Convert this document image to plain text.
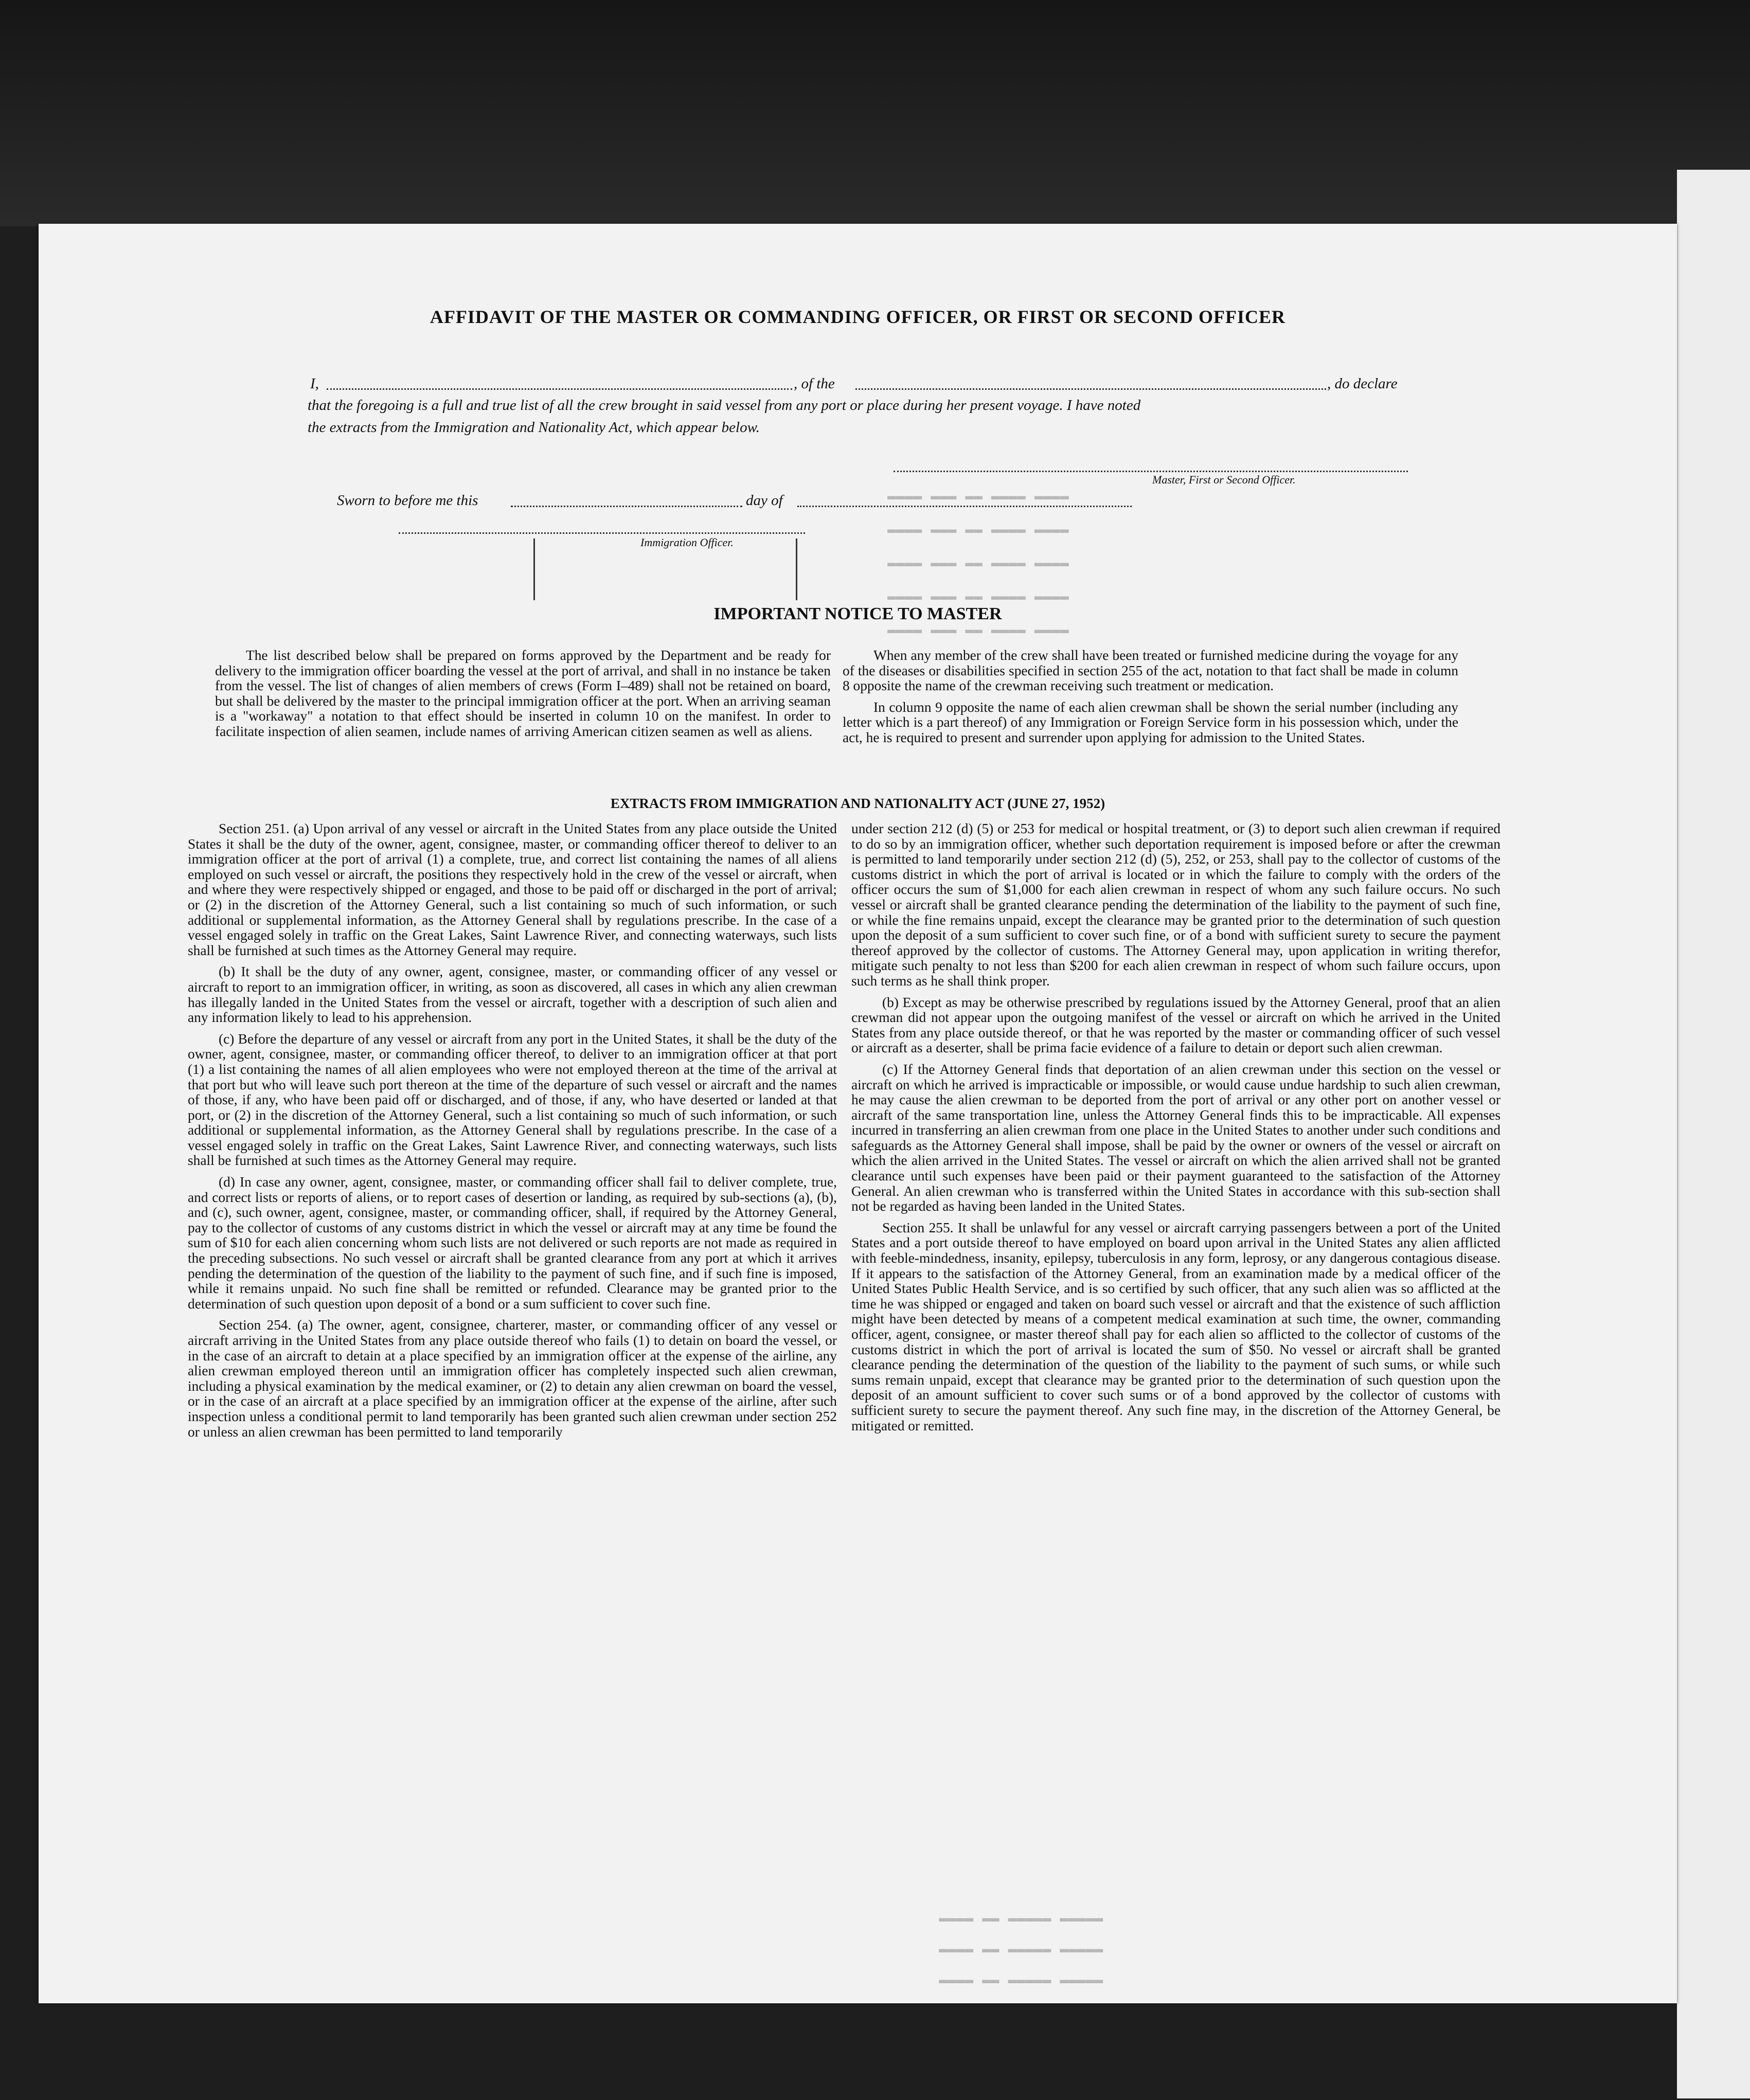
▬▬▬▬ ▬▬▬▬ ▬▬ ▬▬▬ ▬▬▬▬
▬▬▬▬ ▬▬▬▬ ▬▬ ▬▬▬ ▬▬▬▬
▬▬▬▬ ▬▬▬▬ ▬▬ ▬▬▬ ▬▬▬▬
▬▬▬▬ ▬▬▬▬ ▬▬ ▬▬▬ ▬▬▬▬
▬▬▬▬ ▬▬▬▬ ▬▬ ▬▬▬ ▬▬▬▬
▬▬▬▬▬ ▬▬▬▬▬ ▬▬ ▬▬▬▬
▬▬▬▬▬ ▬▬▬▬▬ ▬▬ ▬▬▬▬
▬▬▬▬▬ ▬▬▬▬▬ ▬▬ ▬▬▬▬
AFFIDAVIT OF THE MASTER OR COMMANDING OFFICER, OR FIRST OR SECOND OFFICER
I,	, of the	, do declare
that the foregoing is a full and true list of all the crew brought in said vessel from any port or place during her present voyage. I have noted
the extracts from the Immigration and Nationality Act, which appear below.
Master, First or Second Officer.
Sworn to before me this	day of
Immigration Officer.
IMPORTANT NOTICE TO MASTER

The list described below shall be prepared on forms approved by the Department and be ready for delivery to the immigration officer boarding the vessel at the port of arrival, and shall in no instance be taken from the vessel. The list of changes of alien members of crews (Form I–489) shall not be retained on board, but shall be delivered by the master to the principal immigration officer at the port. When an arriving seaman is a "workaway" a notation to that effect should be inserted in column 10 on the manifest. In order to facilitate inspection of alien seamen, include names of arriving American citizen seamen as well as aliens.

When any member of the crew shall have been treated or furnished medicine during the voyage for any of the diseases or disabilities specified in section 255 of the act, notation to that fact shall be made in column 8 opposite the name of the crewman receiving such treatment or medication.

In column 9 opposite the name of each alien crewman shall be shown the serial number (including any letter which is a part thereof) of any Immigration or Foreign Service form in his possession which, under the act, he is required to present and surrender upon applying for admission to the United States.

EXTRACTS FROM IMMIGRATION AND NATIONALITY ACT (JUNE 27, 1952)

Section 251. (a) Upon arrival of any vessel or aircraft in the United States from any place outside the United States it shall be the duty of the owner, agent, consignee, master, or commanding officer thereof to deliver to an immigration officer at the port of arrival (1) a complete, true, and correct list containing the names of all aliens employed on such vessel or aircraft, the positions they respectively hold in the crew of the vessel or aircraft, when and where they were respectively shipped or engaged, and those to be paid off or discharged in the port of arrival; or (2) in the discretion of the Attorney General, such a list containing so much of such information, or such additional or supplemental information, as the Attorney General shall by regulations prescribe. In the case of a vessel engaged solely in traffic on the Great Lakes, Saint Lawrence River, and connecting waterways, such lists shall be furnished at such times as the Attorney General may require.

(b) It shall be the duty of any owner, agent, consignee, master, or commanding officer of any vessel or aircraft to report to an immigration officer, in writing, as soon as discovered, all cases in which any alien crewman has illegally landed in the United States from the vessel or aircraft, together with a description of such alien and any information likely to lead to his apprehension.

(c) Before the departure of any vessel or aircraft from any port in the United States, it shall be the duty of the owner, agent, consignee, master, or commanding officer thereof, to deliver to an immigration officer at that port (1) a list containing the names of all alien employees who were not employed thereon at the time of the arrival at that port but who will leave such port thereon at the time of the departure of such vessel or aircraft and the names of those, if any, who have been paid off or discharged, and of those, if any, who have deserted or landed at that port, or (2) in the discretion of the Attorney General, such a list containing so much of such information, or such additional or supplemental information, as the Attorney General shall by regulations prescribe. In the case of a vessel engaged solely in traffic on the Great Lakes, Saint Lawrence River, and connecting waterways, such lists shall be furnished at such times as the Attorney General may require.

(d) In case any owner, agent, consignee, master, or commanding officer shall fail to deliver complete, true, and correct lists or reports of aliens, or to report cases of desertion or landing, as required by sub-sections (a), (b), and (c), such owner, agent, consignee, master, or commanding officer, shall, if required by the Attorney General, pay to the collector of customs of any customs district in which the vessel or aircraft may at any time be found the sum of $10 for each alien concerning whom such lists are not delivered or such reports are not made as required in the preceding subsections. No such vessel or aircraft shall be granted clearance from any port at which it arrives pending the determination of the question of the liability to the payment of such fine, and if such fine is imposed, while it remains unpaid. No such fine shall be remitted or refunded. Clearance may be granted prior to the determination of such question upon deposit of a bond or a sum sufficient to cover such fine.

Section 254. (a) The owner, agent, consignee, charterer, master, or commanding officer of any vessel or aircraft arriving in the United States from any place outside thereof who fails (1) to detain on board the vessel, or in the case of an aircraft to detain at a place specified by an immigration officer at the expense of the airline, any alien crewman employed thereon until an immigration officer has completely inspected such alien crewman, including a physical examination by the medical examiner, or (2) to detain any alien crewman on board the vessel, or in the case of an aircraft at a place specified by an immigration officer at the expense of the airline, after such inspection unless a conditional permit to land temporarily has been granted such alien crewman under section 252 or unless an alien crewman has been permitted to land temporarily

under section 212 (d) (5) or 253 for medical or hospital treatment, or (3) to deport such alien crewman if required to do so by an immigration officer, whether such deportation requirement is imposed before or after the crewman is permitted to land temporarily under section 212 (d) (5), 252, or 253, shall pay to the collector of customs of the customs district in which the port of arrival is located or in which the failure to comply with the orders of the officer occurs the sum of $1,000 for each alien crewman in respect of whom any such failure occurs. No such vessel or aircraft shall be granted clearance pending the determination of the liability to the payment of such fine, or while the fine remains unpaid, except the clearance may be granted prior to the determination of such question upon the deposit of a sum sufficient to cover such fine, or of a bond with sufficient surety to secure the payment thereof approved by the collector of customs. The Attorney General may, upon application in writing therefor, mitigate such penalty to not less than $200 for each alien crewman in respect of whom such failure occurs, upon such terms as he shall think proper.

(b) Except as may be otherwise prescribed by regulations issued by the Attorney General, proof that an alien crewman did not appear upon the outgoing manifest of the vessel or aircraft on which he arrived in the United States from any place outside thereof, or that he was reported by the master or commanding officer of such vessel or aircraft as a deserter, shall be prima facie evidence of a failure to detain or deport such alien crewman.

(c) If the Attorney General finds that deportation of an alien crewman under this section on the vessel or aircraft on which he arrived is impracticable or impossible, or would cause undue hardship to such alien crewman, he may cause the alien crewman to be deported from the port of arrival or any other port on another vessel or aircraft of the same transportation line, unless the Attorney General finds this to be impracticable. All expenses incurred in transferring an alien crewman from one place in the United States to another under such conditions and safeguards as the Attorney General shall impose, shall be paid by the owner or owners of the vessel or aircraft on which the alien arrived in the United States. The vessel or aircraft on which the alien arrived shall not be granted clearance until such expenses have been paid or their payment guaranteed to the satisfaction of the Attorney General. An alien crewman who is transferred within the United States in accordance with this sub-section shall not be regarded as having been landed in the United States.

Section 255. It shall be unlawful for any vessel or aircraft carrying passengers between a port of the United States and a port outside thereof to have employed on board upon arrival in the United States any alien afflicted with feeble-mindedness, insanity, epilepsy, tuberculosis in any form, leprosy, or any dangerous contagious disease. If it appears to the satisfaction of the Attorney General, from an examination made by a medical officer of the United States Public Health Service, and is so certified by such officer, that any such alien was so afflicted at the time he was shipped or engaged and taken on board such vessel or aircraft and that the existence of such affliction might have been detected by means of a competent medical examination at such time, the owner, commanding officer, agent, consignee, or master thereof shall pay for each alien so afflicted to the collector of customs of the customs district in which the port of arrival is located the sum of $50. No vessel or aircraft shall be granted clearance pending the determination of the question of the liability to the payment of such sums, or while such sums remain unpaid, except that clearance may be granted prior to the determination of such question upon the deposit of an amount sufficient to cover such sums or of a bond approved by the collector of customs with sufficient surety to secure the payment thereof. Any such fine may, in the discretion of the Attorney General, be mitigated or remitted.
